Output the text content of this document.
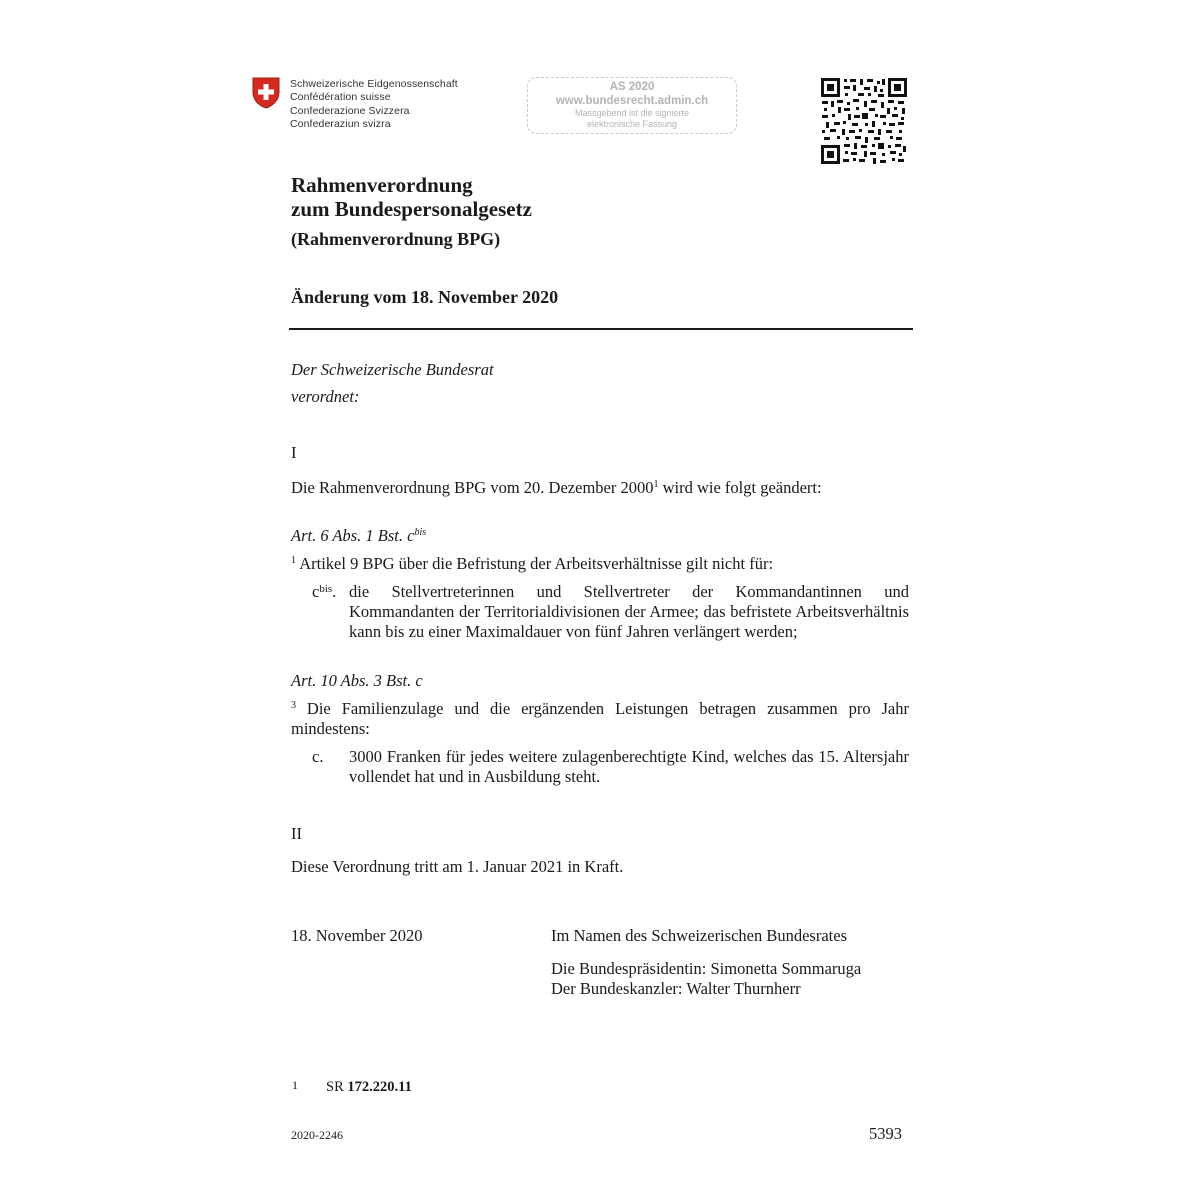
Schweizerische Eidgenossenschaft
Confédération suisse
Confederazione Svizzera
Confederaziun svizra
AS 2020
www.bundesrecht.admin.ch
Massgebend ist die signierte
elektronische Fassung
Rahmenverordnung
zum Bundespersonalgesetz
(Rahmenverordnung BPG)
Änderung vom 18. November 2020
Der Schweizerische Bundesrat
verordnet:
I
Die Rahmenverordnung BPG vom 20. Dezember 2000$^1$ wird wie folgt geändert:
Art. 6 Abs. 1 Bst. $c^{bis}$
$^1$ Artikel 9 BPG über die Befristung der Arbeitsverhältnisse gilt nicht für:
$c^{bis}$. die Stellvertreterinnen und Stellvertreter der Kommandantinnen und Kommandanten der Territorialdivisionen der Armee; das befristete Arbeitsverhältnis kann bis zu einer Maximaldauer von fünf Jahren verlängert werden;
Art. 10 Abs. 3 Bst. c
$^3$ Die Familienzulage und die ergänzenden Leistungen betragen zusammen pro Jahr
mindestens:
c.	3000 Franken für jedes weitere zulagenberechtigte Kind, welches das 15. Altersjahr vollendet hat und in Ausbildung steht.
II
Diese Verordnung tritt am 1. Januar 2021 in Kraft.
18. November 2020	Im Namen des Schweizerischen Bundesrates
Die Bundespräsidentin: Simonetta Sommaruga
Der Bundeskanzler: Walter Thurnherr
1 SR 172.220.11
2020-2246	5393
